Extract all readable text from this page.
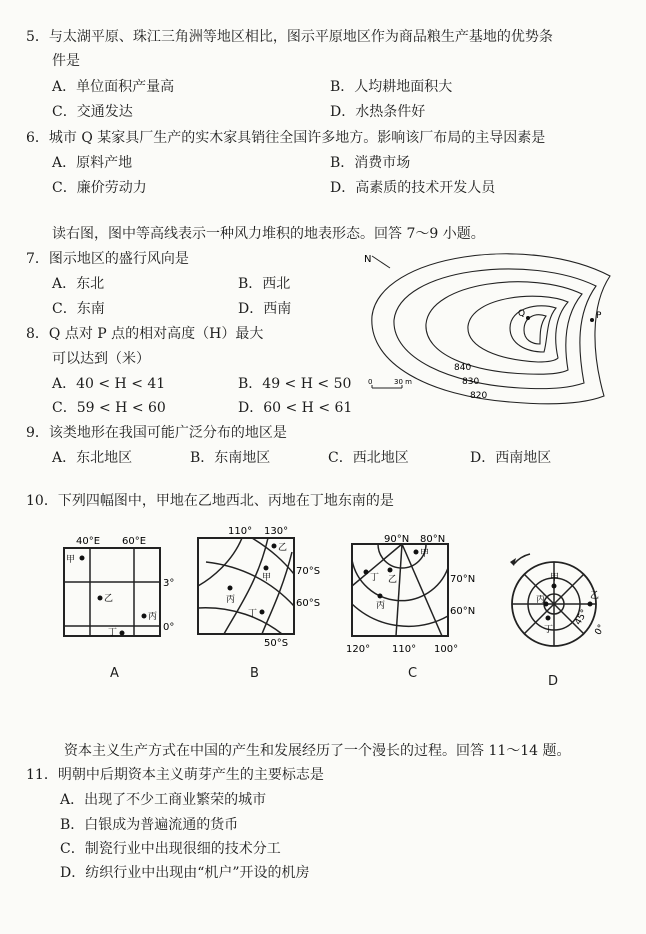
5．与太湖平原、珠江三角洲等地区相比，图示平原地区作为商品粮生产基地的优势条
件是
A．单位面积产量高	B．人均耕地面积大
C．交通发达	D．水热条件好
6．城市 Q 某家具厂生产的实木家具销往全国许多地方。影响该厂布局的主导因素是
A．原料产地	B．消费市场
C．廉价劳动力	D．高素质的技术开发人员
读右图，图中等高线表示一种风力堆积的地表形态。回答 7～9 小题。
7．图示地区的盛行风向是
A．东北	B．西北
C．东南	D．西南
8．Q 点对 P 点的相对高度（H）最大
可以达到（米）
A．40 < H < 41	B．49 < H < 50
C．59 < H < 60	D．60 < H < 61
9．该类地形在我国可能广泛分布的地区是
A．东北地区	B．东南地区	C．西北地区	D．西南地区
N
Q	P
840
830
820
0	30 m
10．下列四幅图中，甲地在乙地西北、丙地在丁地东南的是
40°E 60°E
甲
乙
丙
丁
3°
0°
A
110° 130°
乙
甲
丙
丁
70°S
60°S
50°S
B
90°N 80°N
甲
丁 乙
丙
70°N
60°N
120° 110° 100°
C
甲
丙	乙
丁
45°
0°
D
资本主义生产方式在中国的产生和发展经历了一个漫长的过程。回答 11～14 题。
11．明朝中后期资本主义萌芽产生的主要标志是
A．出现了不少工商业繁荣的城市
B．白银成为普遍流通的货币
C．制瓷行业中出现很细的技术分工
D．纺织行业中出现由“机户”开设的机房
